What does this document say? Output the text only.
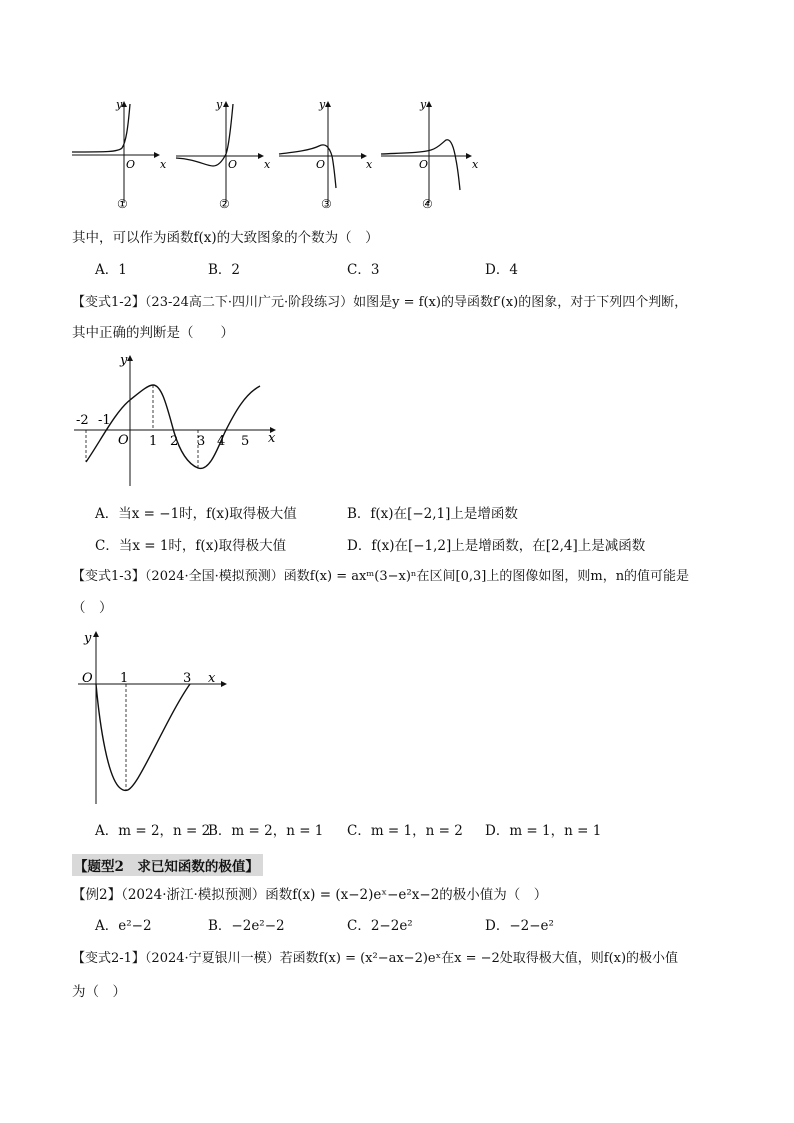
x
y
O
①
x
y
O
②
x
y
O
③
x
y
O
④
其中，可以作为函数f(x)的大致图象的个数为（　）
A．1	B．2	C．3	D．4
【变式1-2】（23-24高二下·四川广元·阶段练习）如图是y = f(x)的导函数f′(x)的图象，对于下列四个判断，
其中正确的判断是（　　）
x
y
O
-2 -1
1 2 3 4 5
A．当x = −1时，f(x)取得极大值	B．f(x)在[−2,1]上是增函数
C．当x = 1时，f(x)取得极大值	D．f(x)在[−1,2]上是增函数，在[2,4]上是减函数
【变式1-3】（2024·全国·模拟预测）函数f(x) = axᵐ(3−x)ⁿ在区间[0,3]上的图像如图，则m，n的值可能是
（　）
x
y
O 1	3
A．m = 2，n = 2
B．m = 2，n = 1 C．m = 1，n = 2 D．m = 1，n = 1
【题型2　求已知函数的极值】
【例2】（2024·浙江·模拟预测）函数f(x) = (x−2)eˣ−e²x−2的极小值为（　）
A．e²−2	B．−2e²−2	C．2−2e²	D．−2−e²
【变式2-1】（2024·宁夏银川一模）若函数f(x) = (x²−ax−2)eˣ在x = −2处取得极大值，则f(x)的极小值
为（　）
